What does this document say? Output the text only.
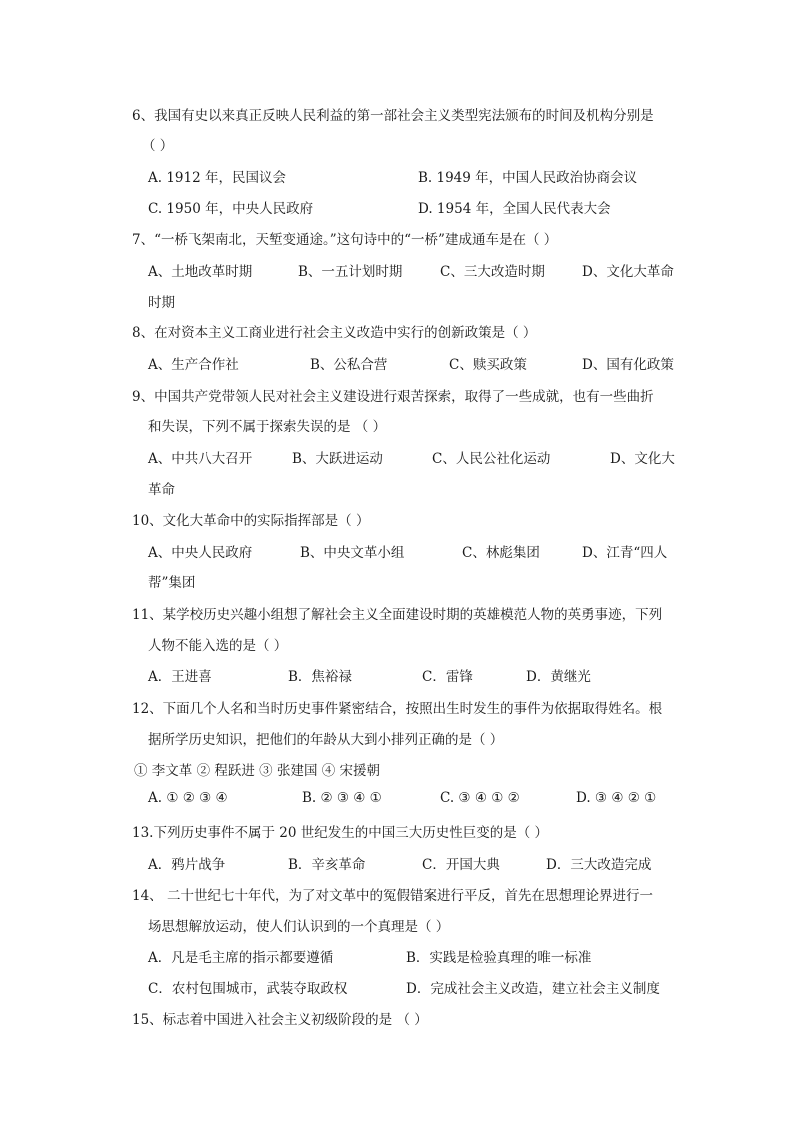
6、我国有史以来真正反映人民利益的第一部社会主义类型宪法颁布的时间及机构分别是
（ ）
A. 1912 年，民国议会	B. 1949 年，中国人民政治协商会议
C. 1950 年，中央人民政府	D. 1954 年，全国人民代表大会
7、“一桥飞架南北，天堑变通途。”这句诗中的“一桥”建成通车是在（ ）
A、土地改革时期	B、一五计划时期	C、三大改造时期	D、文化大革命
时期
8、在对资本主义工商业进行社会主义改造中实行的创新政策是（ ）
A、生产合作社	B、公私合营	C、赎买政策	D、国有化政策
9、中国共产党带领人民对社会主义建设进行艰苦探索，取得了一些成就，也有一些曲折
和失误，下列不属于探索失误的是 （ ）
A、中共八大召开	B、大跃进运动	C、人民公社化运动	D、文化大
革命
10、文化大革命中的实际指挥部是（ ）
A、中央人民政府	B、中央文革小组	C、林彪集团	D、江青“四人
帮”集团
11、某学校历史兴趣小组想了解社会主义全面建设时期的英雄模范人物的英勇事迹，下列
人物不能入选的是（ ）
A．王进喜	B．焦裕禄	C．雷锋	D．黄继光
12、下面几个人名和当时历史事件紧密结合，按照出生时发生的事件为依据取得姓名。根
据所学历史知识，把他们的年龄从大到小排列正确的是（ ）
① 李文革 ② 程跃进 ③ 张建国 ④ 宋援朝
A. ① ② ③ ④	B. ② ③ ④ ①	C. ③ ④ ① ②	D. ③ ④ ② ①
13.下列历史事件不属于 20 世纪发生的中国三大历史性巨变的是（ ）
A．鸦片战争	B．辛亥革命	C．开国大典	D．三大改造完成
14、 二十世纪七十年代，为了对文革中的冤假错案进行平反，首先在思想理论界进行一
场思想解放运动，使人们认识到的一个真理是（ ）
A．凡是毛主席的指示都要遵循	B．实践是检验真理的唯一标准
C．农村包围城市，武装夺取政权	D．完成社会主义改造，建立社会主义制度
15、标志着中国进入社会主义初级阶段的是 （ ）
